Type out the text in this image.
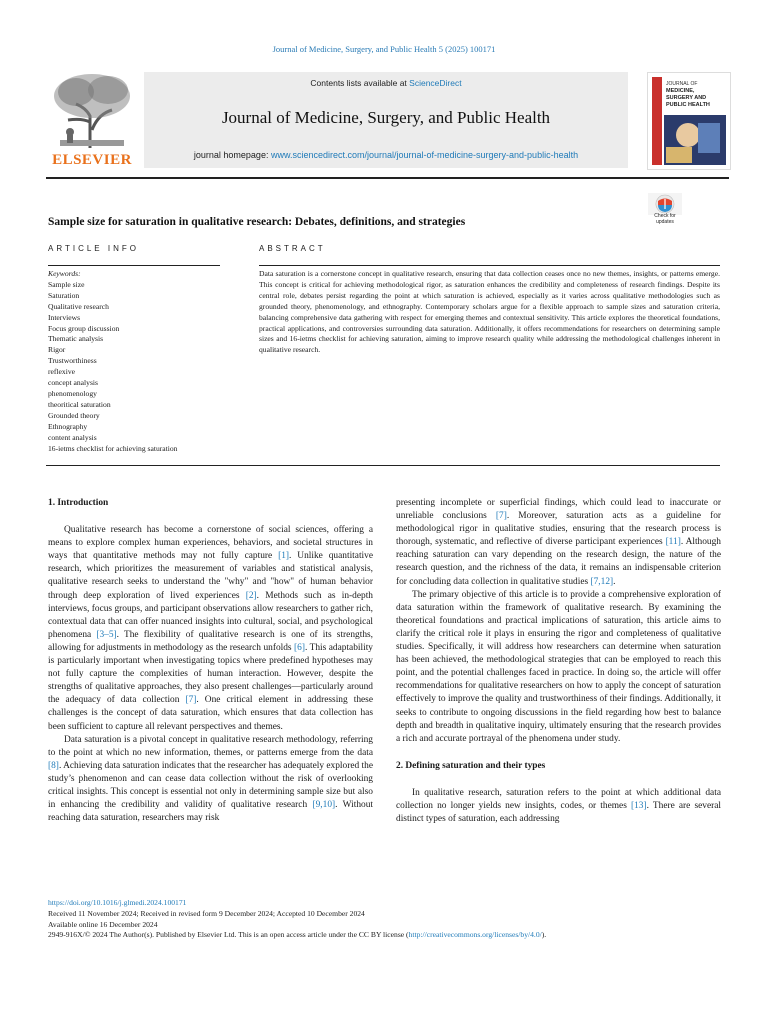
Journal of Medicine, Surgery, and Public Health 5 (2025) 100171
ELSEVIER
Contents lists available at ScienceDirect
Journal of Medicine, Surgery, and Public Health
journal homepage: www.sciencedirect.com/journal/journal-of-medicine-surgery-and-public-health
JOURNAL OF
MEDICINE,
SURGERY AND
PUBLIC HEALTH
Sample size for saturation in qualitative research: Debates, definitions, and strategies	Check for
updates
ARTICLE INFO	ABSTRACT
Keywords:
Sample size
Saturation
Qualitative research
Interviews
Focus group discussion
Thematic analysis
Rigor
Trustworthiness
reflexive
concept analysis
phenomenology
theoritical saturation
Grounded theory
Ethnography
content analysis
16-ietms checklist for achieving saturation
Data saturation is a cornerstone concept in qualitative research, ensuring that data collection ceases once no new themes, insights, or patterns emerge. This concept is critical for achieving methodological rigor, as saturation enhances the credibility and completeness of research findings. Despite its central role, debates persist regarding the point at which saturation is achieved, especially as it varies across qualitative methodologies such as grounded theory, phenomenology, and ethnography. Contemporary scholars argue for a flexible approach to sample sizes and saturation criteria, balancing comprehensive data gathering with respect for emerging themes and contextual sensitivity. This article explores the theoretical foundations, practical applications, and controversies surrounding data saturation. Additionally, it offers recommendations for researchers on determining sample sizes and 16-ietms checklist for achieving saturation, aiming to improve research quality while addressing the methodological challenges inherent in qualitative research.
1. Introduction

Qualitative research has become a cornerstone of social sciences, offering a means to explore complex human experiences, behaviors, and societal structures in ways that quantitative methods may not fully capture [1]. Unlike quantitative research, which prioritizes the measurement of variables and statistical analysis, qualitative research seeks to understand the "why" and "how" of human behavior through deep exploration of lived experiences [2]. Methods such as in-depth interviews, focus groups, and participant observations allow researchers to gather rich, contextual data that can offer nuanced insights into cultural, social, and psychological phenomena [3–5]. The flexibility of qualitative research is one of its strengths, allowing for adjustments in methodology as the research unfolds [6]. This adaptability is particularly important when investigating topics where predefined hypotheses may not fully capture the complexities of human interaction. However, despite the strengths of qualitative approaches, they also present challenges—particularly around the adequacy of data collection [7]. One critical element in addressing these challenges is the concept of data saturation, which ensures that data collection has been sufficient to capture all relevant perspectives and themes.

Data saturation is a pivotal concept in qualitative research methodology, referring to the point at which no new information, themes, or patterns emerge from the data [8]. Achieving data saturation indicates that the researcher has adequately explored the study’s phenomenon and can cease data collection without the risk of overlooking critical insights. This concept is essential not only in determining sample size but also in enhancing the credibility and validity of qualitative research [9,10]. Without reaching data saturation, researchers may risk

presenting incomplete or superficial findings, which could lead to inaccurate or unreliable conclusions [7]. Moreover, saturation acts as a guideline for methodological rigor in qualitative studies, ensuring that the research process is thorough, systematic, and reflective of diverse participant experiences [11]. Although reaching saturation can vary depending on the research design, the nature of the research question, and the richness of the data, it remains an indispensable criterion for concluding data collection in qualitative studies [7,12].

The primary objective of this article is to provide a comprehensive exploration of data saturation within the framework of qualitative research. By examining the theoretical foundations and practical implications of saturation, this article aims to clarify the critical role it plays in ensuring the rigor and completeness of qualitative studies. Specifically, it will address how researchers can determine when saturation has been achieved, the methodological strategies that can be employed to reach this point, and the potential challenges faced in practice. In doing so, the article will offer recommendations for qualitative researchers on how to apply the concept of saturation effectively to improve the quality and trustworthiness of their findings. Additionally, it seeks to contribute to ongoing discussions in the field regarding how best to balance depth and breadth in qualitative inquiry, ultimately ensuring that the research provides a rich and accurate portrayal of the phenomena under study.

2. Defining saturation and their types

In qualitative research, saturation refers to the point at which additional data collection no longer yields new insights, codes, or themes [13]. There are several distinct types of saturation, each addressing

https://doi.org/10.1016/j.glmedi.2024.100171
Received 11 November 2024; Received in revised form 9 December 2024; Accepted 10 December 2024
Available online 16 December 2024
2949-916X/© 2024 The Author(s). Published by Elsevier Ltd. This is an open access article under the CC BY license (http://creativecommons.org/licenses/by/4.0/).
